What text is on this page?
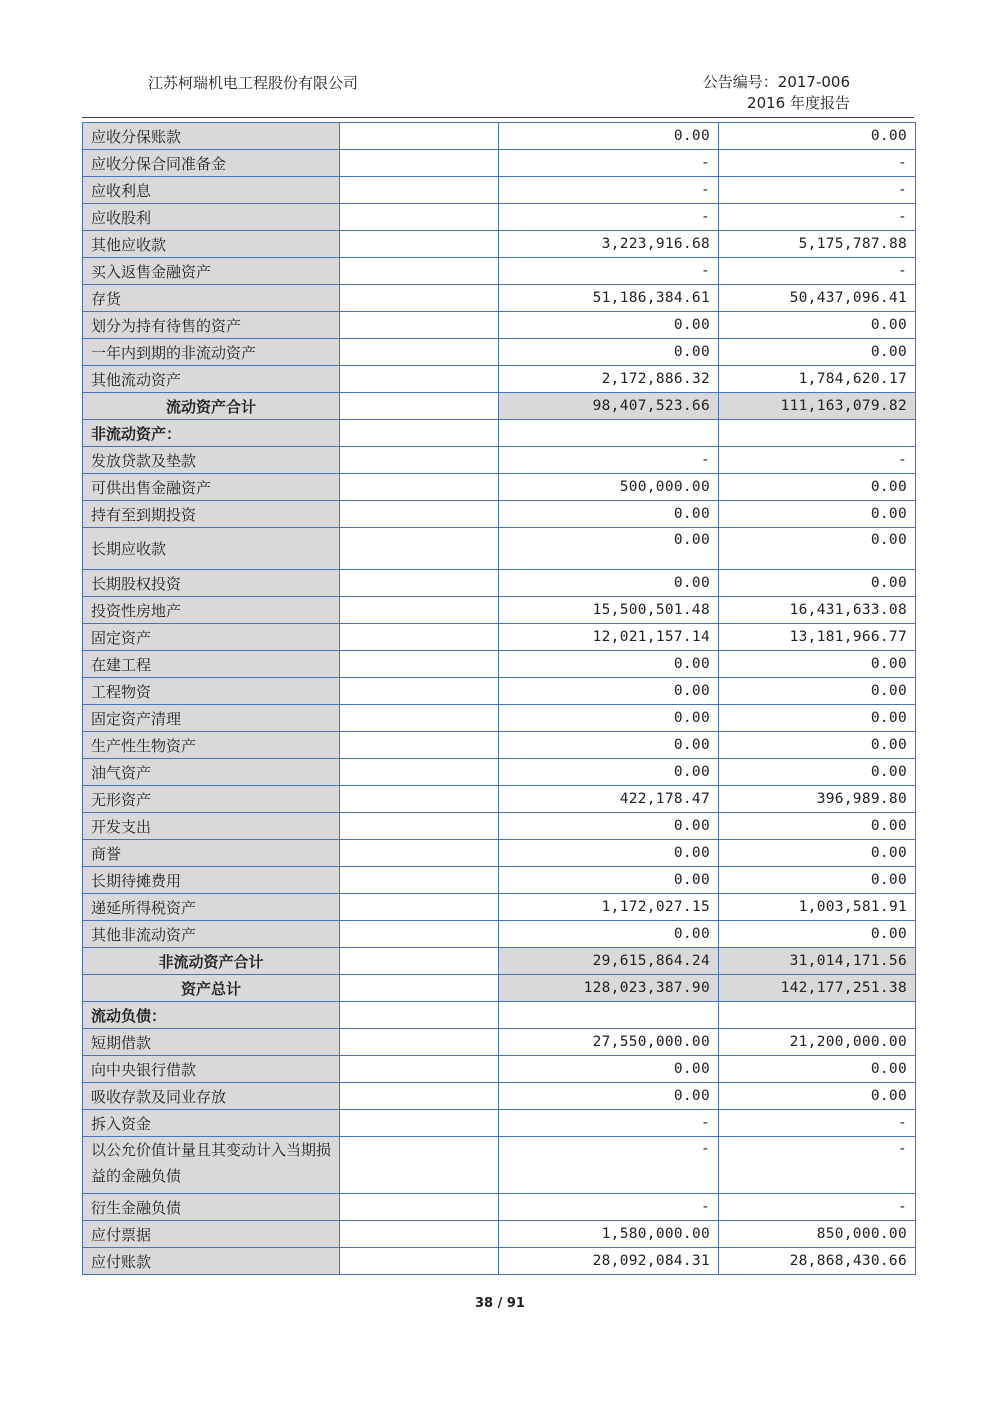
江苏柯瑞机电工程股份有限公司	公告编号：2017-006
2016 年度报告
应收分保账款		0.00	0.00
应收分保合同准备金		-	-
应收利息		-	-
应收股利		-	-
其他应收款		3,223,916.68	5,175,787.88
买入返售金融资产		-	-
存货		51,186,384.61	50,437,096.41
划分为持有待售的资产		0.00	0.00
一年内到期的非流动资产		0.00	0.00
其他流动资产		2,172,886.32	1,784,620.17
流动资产合计		98,407,523.66	111,163,079.82
非流动资产：			
发放贷款及垫款		-	-
可供出售金融资产		500,000.00	0.00
持有至到期投资		0.00	0.00
长期应收款		0.00	0.00
长期股权投资		0.00	0.00
投资性房地产		15,500,501.48	16,431,633.08
固定资产		12,021,157.14	13,181,966.77
在建工程		0.00	0.00
工程物资		0.00	0.00
固定资产清理		0.00	0.00
生产性生物资产		0.00	0.00
油气资产		0.00	0.00
无形资产		422,178.47	396,989.80
开发支出		0.00	0.00
商誉		0.00	0.00
长期待摊费用		0.00	0.00
递延所得税资产		1,172,027.15	1,003,581.91
其他非流动资产		0.00	0.00
非流动资产合计		29,615,864.24	31,014,171.56
资产总计		128,023,387.90	142,177,251.38
流动负债：			
短期借款		27,550,000.00	21,200,000.00
向中央银行借款		0.00	0.00
吸收存款及同业存放		0.00	0.00
拆入资金		-	-
以公允价值计量且其变动计入当期损益的金融负债		-	-
衍生金融负债		-	-
应付票据		1,580,000.00	850,000.00
应付账款		28,092,084.31	28,868,430.66
38 / 91
